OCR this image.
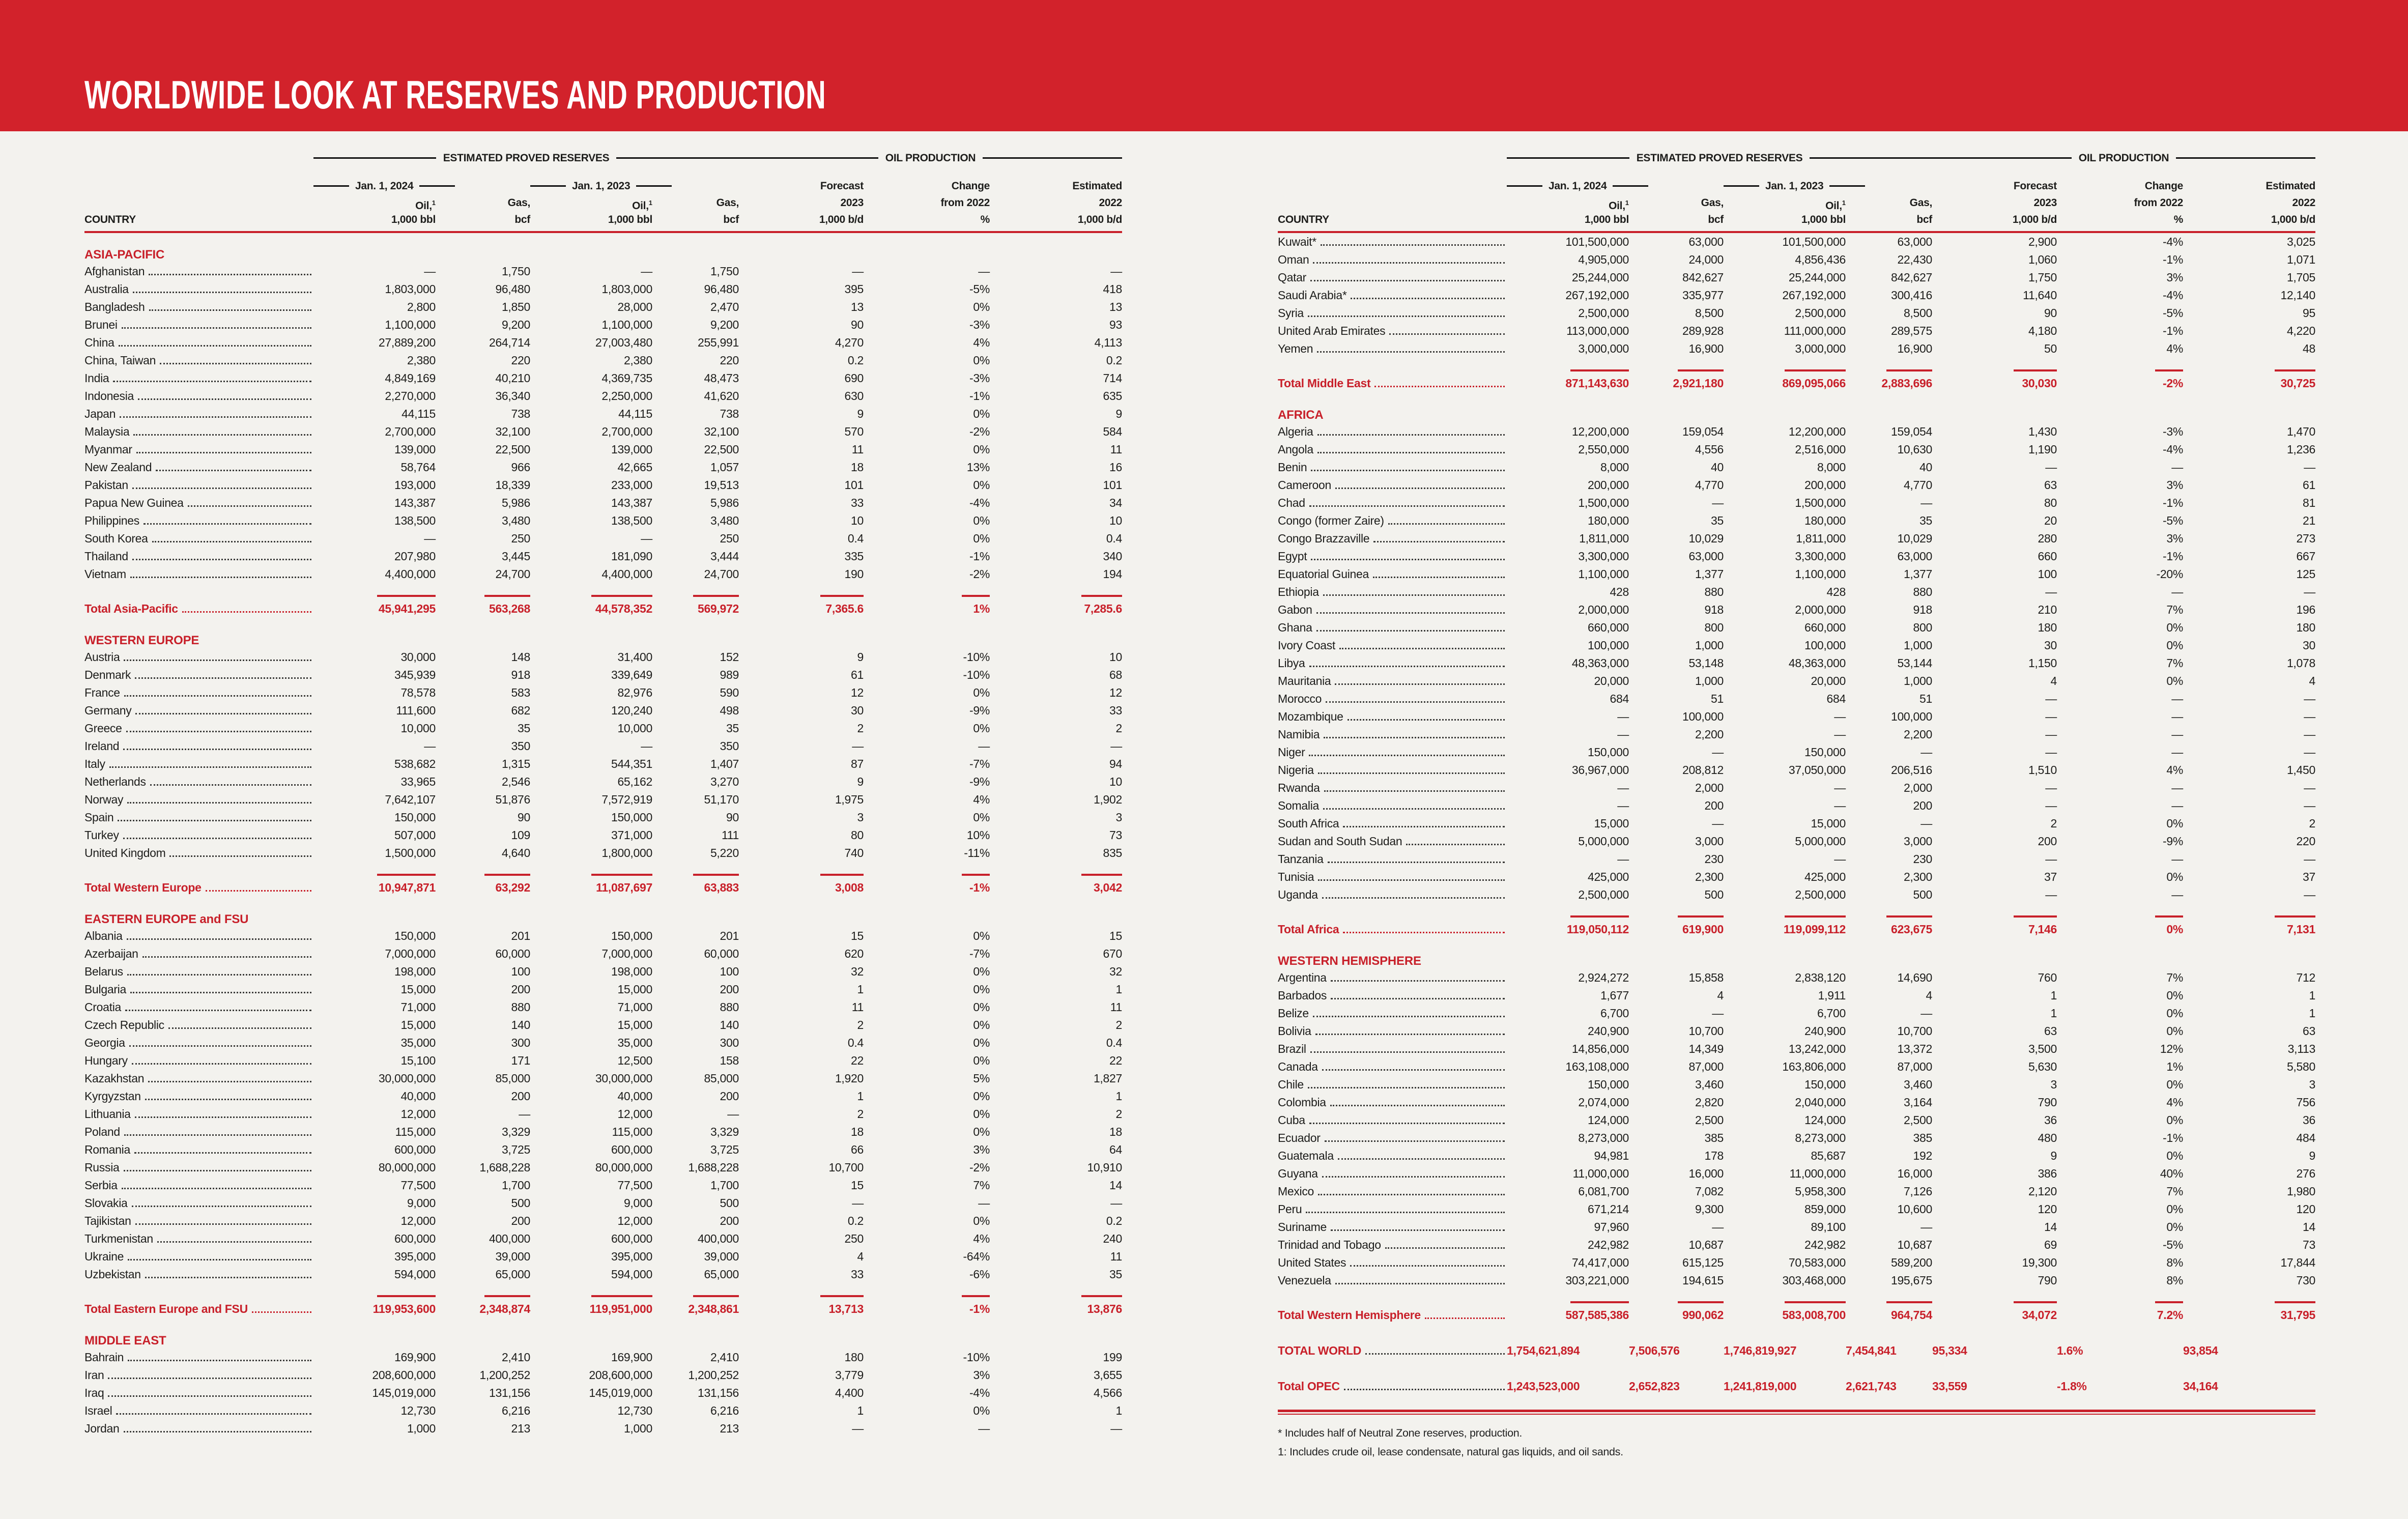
WORLDWIDE LOOK AT RESERVES AND PRODUCTION
ESTIMATED PROVED RESERVES	OIL PRODUCTION
Jan. 1, 2024	Jan. 1, 2023	Forecast	Change	Estimated
Oil,$^1$	Gas,	Oil,$^1$	Gas,	2023	from 2022	2022
COUNTRY	1,000 bbl	bcf	1,000 bbl	bcf	1,000 b/d	%	1,000 b/d
ASIA-PACIFIC
Afghanistan	—	1,750	—	1,750	—	—	—
Australia	1,803,000	96,480	1,803,000	96,480	395	-5%	418
Bangladesh	2,800	1,850	28,000	2,470	13	0%	13
Brunei	1,100,000	9,200	1,100,000	9,200	90	-3%	93
China	27,889,200	264,714	27,003,480	255,991	4,270	4%	4,113
China, Taiwan	2,380	220	2,380	220	0.2	0%	0.2
India	4,849,169	40,210	4,369,735	48,473	690	-3%	714
Indonesia	2,270,000	36,340	2,250,000	41,620	630	-1%	635
Japan	44,115	738	44,115	738	9	0%	9
Malaysia	2,700,000	32,100	2,700,000	32,100	570	-2%	584
Myanmar	139,000	22,500	139,000	22,500	11	0%	11
New Zealand	58,764	966	42,665	1,057	18	13%	16
Pakistan	193,000	18,339	233,000	19,513	101	0%	101
Papua New Guinea	143,387	5,986	143,387	5,986	33	-4%	34
Philippines	138,500	3,480	138,500	3,480	10	0%	10
South Korea	—	250	—	250	0.4	0%	0.4
Thailand	207,980	3,445	181,090	3,444	335	-1%	340
Vietnam	4,400,000	24,700	4,400,000	24,700	190	-2%	194
Total Asia-Pacific	45,941,295	563,268	44,578,352	569,972	7,365.6	1%	7,285.6
WESTERN EUROPE
Austria	30,000	148	31,400	152	9	-10%	10
Denmark	345,939	918	339,649	989	61	-10%	68
France	78,578	583	82,976	590	12	0%	12
Germany	111,600	682	120,240	498	30	-9%	33
Greece	10,000	35	10,000	35	2	0%	2
Ireland	—	350	—	350	—	—	—
Italy	538,682	1,315	544,351	1,407	87	-7%	94
Netherlands	33,965	2,546	65,162	3,270	9	-9%	10
Norway	7,642,107	51,876	7,572,919	51,170	1,975	4%	1,902
Spain	150,000	90	150,000	90	3	0%	3
Turkey	507,000	109	371,000	111	80	10%	73
United Kingdom	1,500,000	4,640	1,800,000	5,220	740	-11%	835
Total Western Europe	10,947,871	63,292	11,087,697	63,883	3,008	-1%	3,042
EASTERN EUROPE and FSU
Albania	150,000	201	150,000	201	15	0%	15
Azerbaijan	7,000,000	60,000	7,000,000	60,000	620	-7%	670
Belarus	198,000	100	198,000	100	32	0%	32
Bulgaria	15,000	200	15,000	200	1	0%	1
Croatia	71,000	880	71,000	880	11	0%	11
Czech Republic	15,000	140	15,000	140	2	0%	2
Georgia	35,000	300	35,000	300	0.4	0%	0.4
Hungary	15,100	171	12,500	158	22	0%	22
Kazakhstan	30,000,000	85,000	30,000,000	85,000	1,920	5%	1,827
Kyrgyzstan	40,000	200	40,000	200	1	0%	1
Lithuania	12,000	—	12,000	—	2	0%	2
Poland	115,000	3,329	115,000	3,329	18	0%	18
Romania	600,000	3,725	600,000	3,725	66	3%	64
Russia	80,000,000	1,688,228	80,000,000	1,688,228	10,700	-2%	10,910
Serbia	77,500	1,700	77,500	1,700	15	7%	14
Slovakia	9,000	500	9,000	500	—	—	—
Tajikistan	12,000	200	12,000	200	0.2	0%	0.2
Turkmenistan	600,000	400,000	600,000	400,000	250	4%	240
Ukraine	395,000	39,000	395,000	39,000	4	-64%	11
Uzbekistan	594,000	65,000	594,000	65,000	33	-6%	35
Total Eastern Europe and FSU	119,953,600	2,348,874	119,951,000	2,348,861	13,713	-1%	13,876
MIDDLE EAST
Bahrain	169,900	2,410	169,900	2,410	180	-10%	199
Iran	208,600,000	1,200,252	208,600,000	1,200,252	3,779	3%	3,655
Iraq	145,019,000	131,156	145,019,000	131,156	4,400	-4%	4,566
Israel	12,730	6,216	12,730	6,216	1	0%	1
Jordan	1,000	213	1,000	213	—	—	—
ESTIMATED PROVED RESERVES	OIL PRODUCTION
Jan. 1, 2024	Jan. 1, 2023	Forecast	Change	Estimated
Oil,$^1$	Gas,	Oil,$^1$	Gas,	2023	from 2022	2022
COUNTRY	1,000 bbl	bcf	1,000 bbl	bcf	1,000 b/d	%	1,000 b/d
Kuwait*	101,500,000	63,000	101,500,000	63,000	2,900	-4%	3,025
Oman	4,905,000	24,000	4,856,436	22,430	1,060	-1%	1,071
Qatar	25,244,000	842,627	25,244,000	842,627	1,750	3%	1,705
Saudi Arabia*	267,192,000	335,977	267,192,000	300,416	11,640	-4%	12,140
Syria	2,500,000	8,500	2,500,000	8,500	90	-5%	95
United Arab Emirates	113,000,000	289,928	111,000,000	289,575	4,180	-1%	4,220
Yemen	3,000,000	16,900	3,000,000	16,900	50	4%	48
Total Middle East	871,143,630	2,921,180	869,095,066	2,883,696	30,030	-2%	30,725
AFRICA
Algeria	12,200,000	159,054	12,200,000	159,054	1,430	-3%	1,470
Angola	2,550,000	4,556	2,516,000	10,630	1,190	-4%	1,236
Benin	8,000	40	8,000	40	—	—	—
Cameroon	200,000	4,770	200,000	4,770	63	3%	61
Chad	1,500,000	—	1,500,000	—	80	-1%	81
Congo (former Zaire)	180,000	35	180,000	35	20	-5%	21
Congo Brazzaville	1,811,000	10,029	1,811,000	10,029	280	3%	273
Egypt	3,300,000	63,000	3,300,000	63,000	660	-1%	667
Equatorial Guinea	1,100,000	1,377	1,100,000	1,377	100	-20%	125
Ethiopia	428	880	428	880	—	—	—
Gabon	2,000,000	918	2,000,000	918	210	7%	196
Ghana	660,000	800	660,000	800	180	0%	180
Ivory Coast	100,000	1,000	100,000	1,000	30	0%	30
Libya	48,363,000	53,148	48,363,000	53,144	1,150	7%	1,078
Mauritania	20,000	1,000	20,000	1,000	4	0%	4
Morocco	684	51	684	51	—	—	—
Mozambique	—	100,000	—	100,000	—	—	—
Namibia	—	2,200	—	2,200	—	—	—
Niger	150,000	—	150,000	—	—	—	—
Nigeria	36,967,000	208,812	37,050,000	206,516	1,510	4%	1,450
Rwanda	—	2,000	—	2,000	—	—	—
Somalia	—	200	—	200	—	—	—
South Africa	15,000	—	15,000	—	2	0%	2
Sudan and South Sudan	5,000,000	3,000	5,000,000	3,000	200	-9%	220
Tanzania	—	230	—	230	—	—	—
Tunisia	425,000	2,300	425,000	2,300	37	0%	37
Uganda	2,500,000	500	2,500,000	500	—	—	—
Total Africa	119,050,112	619,900	119,099,112	623,675	7,146	0%	7,131
WESTERN HEMISPHERE
Argentina	2,924,272	15,858	2,838,120	14,690	760	7%	712
Barbados	1,677	4	1,911	4	1	0%	1
Belize	6,700	—	6,700	—	1	0%	1
Bolivia	240,900	10,700	240,900	10,700	63	0%	63
Brazil	14,856,000	14,349	13,242,000	13,372	3,500	12%	3,113
Canada	163,108,000	87,000	163,806,000	87,000	5,630	1%	5,580
Chile	150,000	3,460	150,000	3,460	3	0%	3
Colombia	2,074,000	2,820	2,040,000	3,164	790	4%	756
Cuba	124,000	2,500	124,000	2,500	36	0%	36
Ecuador	8,273,000	385	8,273,000	385	480	-1%	484
Guatemala	94,981	178	85,687	192	9	0%	9
Guyana	11,000,000	16,000	11,000,000	16,000	386	40%	276
Mexico	6,081,700	7,082	5,958,300	7,126	2,120	7%	1,980
Peru	671,214	9,300	859,000	10,600	120	0%	120
Suriname	97,960	—	89,100	—	14	0%	14
Trinidad and Tobago	242,982	10,687	242,982	10,687	69	-5%	73
United States	74,417,000	615,125	70,583,000	589,200	19,300	8%	17,844
Venezuela	303,221,000	194,615	303,468,000	195,675	790	8%	730
Total Western Hemisphere	587,585,386	990,062	583,008,700	964,754	34,072	7.2%	31,795
TOTAL WORLD	1,754,621,894	7,506,576	1,746,819,927	7,454,841	95,334	1.6%	93,854
Total OPEC	1,243,523,000	2,652,823	1,241,819,000	2,621,743	33,559	-1.8%	34,164
* Includes half of Neutral Zone reserves, production.
1: Includes crude oil, lease condensate, natural gas liquids, and oil sands.
